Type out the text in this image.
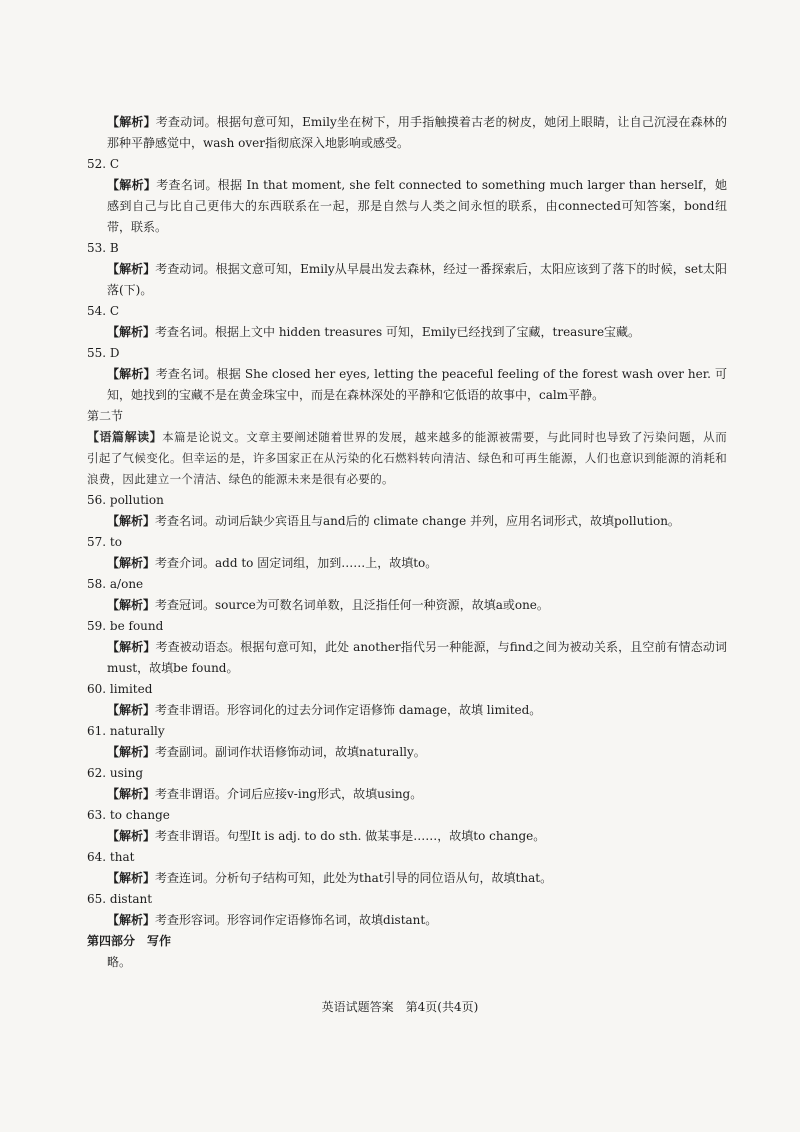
【解析】考查动词。根据句意可知，Emily坐在树下，用手指触摸着古老的树皮，她闭上眼睛，让自己沉浸在森林的那种平静感觉中，wash over指彻底深入地影响或感受。

52. C

【解析】考查名词。根据 In that moment, she felt connected to something much larger than herself，她感到自己与比自己更伟大的东西联系在一起，那是自然与人类之间永恒的联系，由connected可知答案，bond纽带，联系。

53. B

【解析】考查动词。根据文意可知，Emily从早晨出发去森林，经过一番探索后，太阳应该到了落下的时候，set太阳落(下)。

54. C

【解析】考查名词。根据上文中 hidden treasures 可知，Emily已经找到了宝藏，treasure宝藏。

55. D

【解析】考查名词。根据 She closed her eyes, letting the peaceful feeling of the forest wash over her. 可知，她找到的宝藏不是在黄金珠宝中，而是在森林深处的平静和它低语的故事中，calm平静。

第二节

【语篇解读】本篇是论说文。文章主要阐述随着世界的发展，越来越多的能源被需要，与此同时也导致了污染问题，从而引起了气候变化。但幸运的是，许多国家正在从污染的化石燃料转向清洁、绿色和可再生能源，人们也意识到能源的消耗和浪费，因此建立一个清洁、绿色的能源未来是很有必要的。

56. pollution

【解析】考查名词。动词后缺少宾语且与and后的 climate change 并列，应用名词形式，故填pollution。

57. to

【解析】考查介词。add to 固定词组，加到……上，故填to。

58. a/one

【解析】考查冠词。source为可数名词单数，且泛指任何一种资源，故填a或one。

59. be found

【解析】考查被动语态。根据句意可知，此处 another指代另一种能源，与find之间为被动关系，且空前有情态动词must，故填be found。

60. limited

【解析】考查非谓语。形容词化的过去分词作定语修饰 damage，故填 limited。

61. naturally

【解析】考查副词。副词作状语修饰动词，故填naturally。

62. using

【解析】考查非谓语。介词后应接v-ing形式，故填using。

63. to change

【解析】考查非谓语。句型It is adj. to do sth. 做某事是……，故填to change。

64. that

【解析】考查连词。分析句子结构可知，此处为that引导的同位语从句，故填that。

65. distant

【解析】考查形容词。形容词作定语修饰名词，故填distant。

第四部分　写作

略。

英语试题答案　第4页(共4页)
